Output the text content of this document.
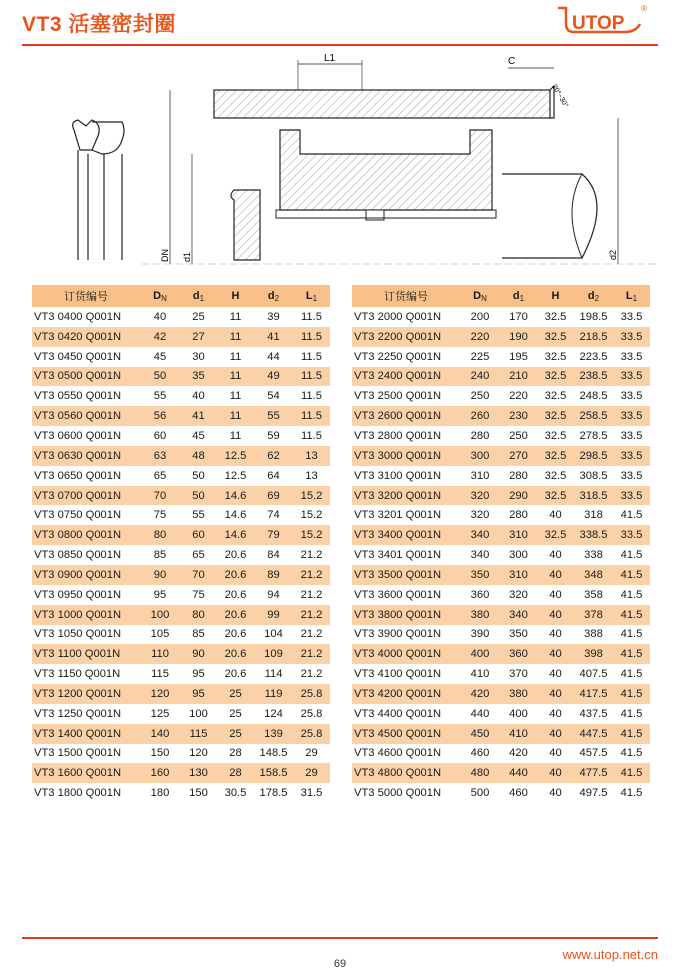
VT3 活塞密封圈	UTOP
®
L1	C
20°~30°
DN d1	d2
订货编号	$D_N$	$d_1$	H	$d_2$	$L_1$
VT3 0400 Q001N	40	25	11	39	11.5
VT3 0420 Q001N	42	27	11	41	11.5
VT3 0450 Q001N	45	30	11	44	11.5
VT3 0500 Q001N	50	35	11	49	11.5
VT3 0550 Q001N	55	40	11	54	11.5
VT3 0560 Q001N	56	41	11	55	11.5
VT3 0600 Q001N	60	45	11	59	11.5
VT3 0630 Q001N	63	48	12.5	62	13
VT3 0650 Q001N	65	50	12.5	64	13
VT3 0700 Q001N	70	50	14.6	69	15.2
VT3 0750 Q001N	75	55	14.6	74	15.2
VT3 0800 Q001N	80	60	14.6	79	15.2
VT3 0850 Q001N	85	65	20.6	84	21.2
VT3 0900 Q001N	90	70	20.6	89	21.2
VT3 0950 Q001N	95	75	20.6	94	21.2
VT3 1000 Q001N	100	80	20.6	99	21.2
VT3 1050 Q001N	105	85	20.6	104	21.2
VT3 1100 Q001N	110	90	20.6	109	21.2
VT3 1150 Q001N	115	95	20.6	114	21.2
VT3 1200 Q001N	120	95	25	119	25.8
VT3 1250 Q001N	125	100	25	124	25.8
VT3 1400 Q001N	140	115	25	139	25.8
VT3 1500 Q001N	150	120	28	148.5	29
VT3 1600 Q001N	160	130	28	158.5	29
VT3 1800 Q001N	180	150	30.5	178.5	31.5
订货编号	$D_N$	$d_1$	H	$d_2$	$L_1$
VT3 2000 Q001N	200	170	32.5	198.5	33.5
VT3 2200 Q001N	220	190	32.5	218.5	33.5
VT3 2250 Q001N	225	195	32.5	223.5	33.5
VT3 2400 Q001N	240	210	32.5	238.5	33.5
VT3 2500 Q001N	250	220	32.5	248.5	33.5
VT3 2600 Q001N	260	230	32.5	258.5	33.5
VT3 2800 Q001N	280	250	32.5	278.5	33.5
VT3 3000 Q001N	300	270	32.5	298.5	33.5
VT3 3100 Q001N	310	280	32.5	308.5	33.5
VT3 3200 Q001N	320	290	32.5	318.5	33.5
VT3 3201 Q001N	320	280	40	318	41.5
VT3 3400 Q001N	340	310	32.5	338.5	33.5
VT3 3401 Q001N	340	300	40	338	41.5
VT3 3500 Q001N	350	310	40	348	41.5
VT3 3600 Q001N	360	320	40	358	41.5
VT3 3800 Q001N	380	340	40	378	41.5
VT3 3900 Q001N	390	350	40	388	41.5
VT3 4000 Q001N	400	360	40	398	41.5
VT3 4100 Q001N	410	370	40	407.5	41.5
VT3 4200 Q001N	420	380	40	417.5	41.5
VT3 4400 Q001N	440	400	40	437.5	41.5
VT3 4500 Q001N	450	410	40	447.5	41.5
VT3 4600 Q001N	460	420	40	457.5	41.5
VT3 4800 Q001N	480	440	40	477.5	41.5
VT3 5000 Q001N	500	460	40	497.5	41.5
www.utop.net.cn
69
